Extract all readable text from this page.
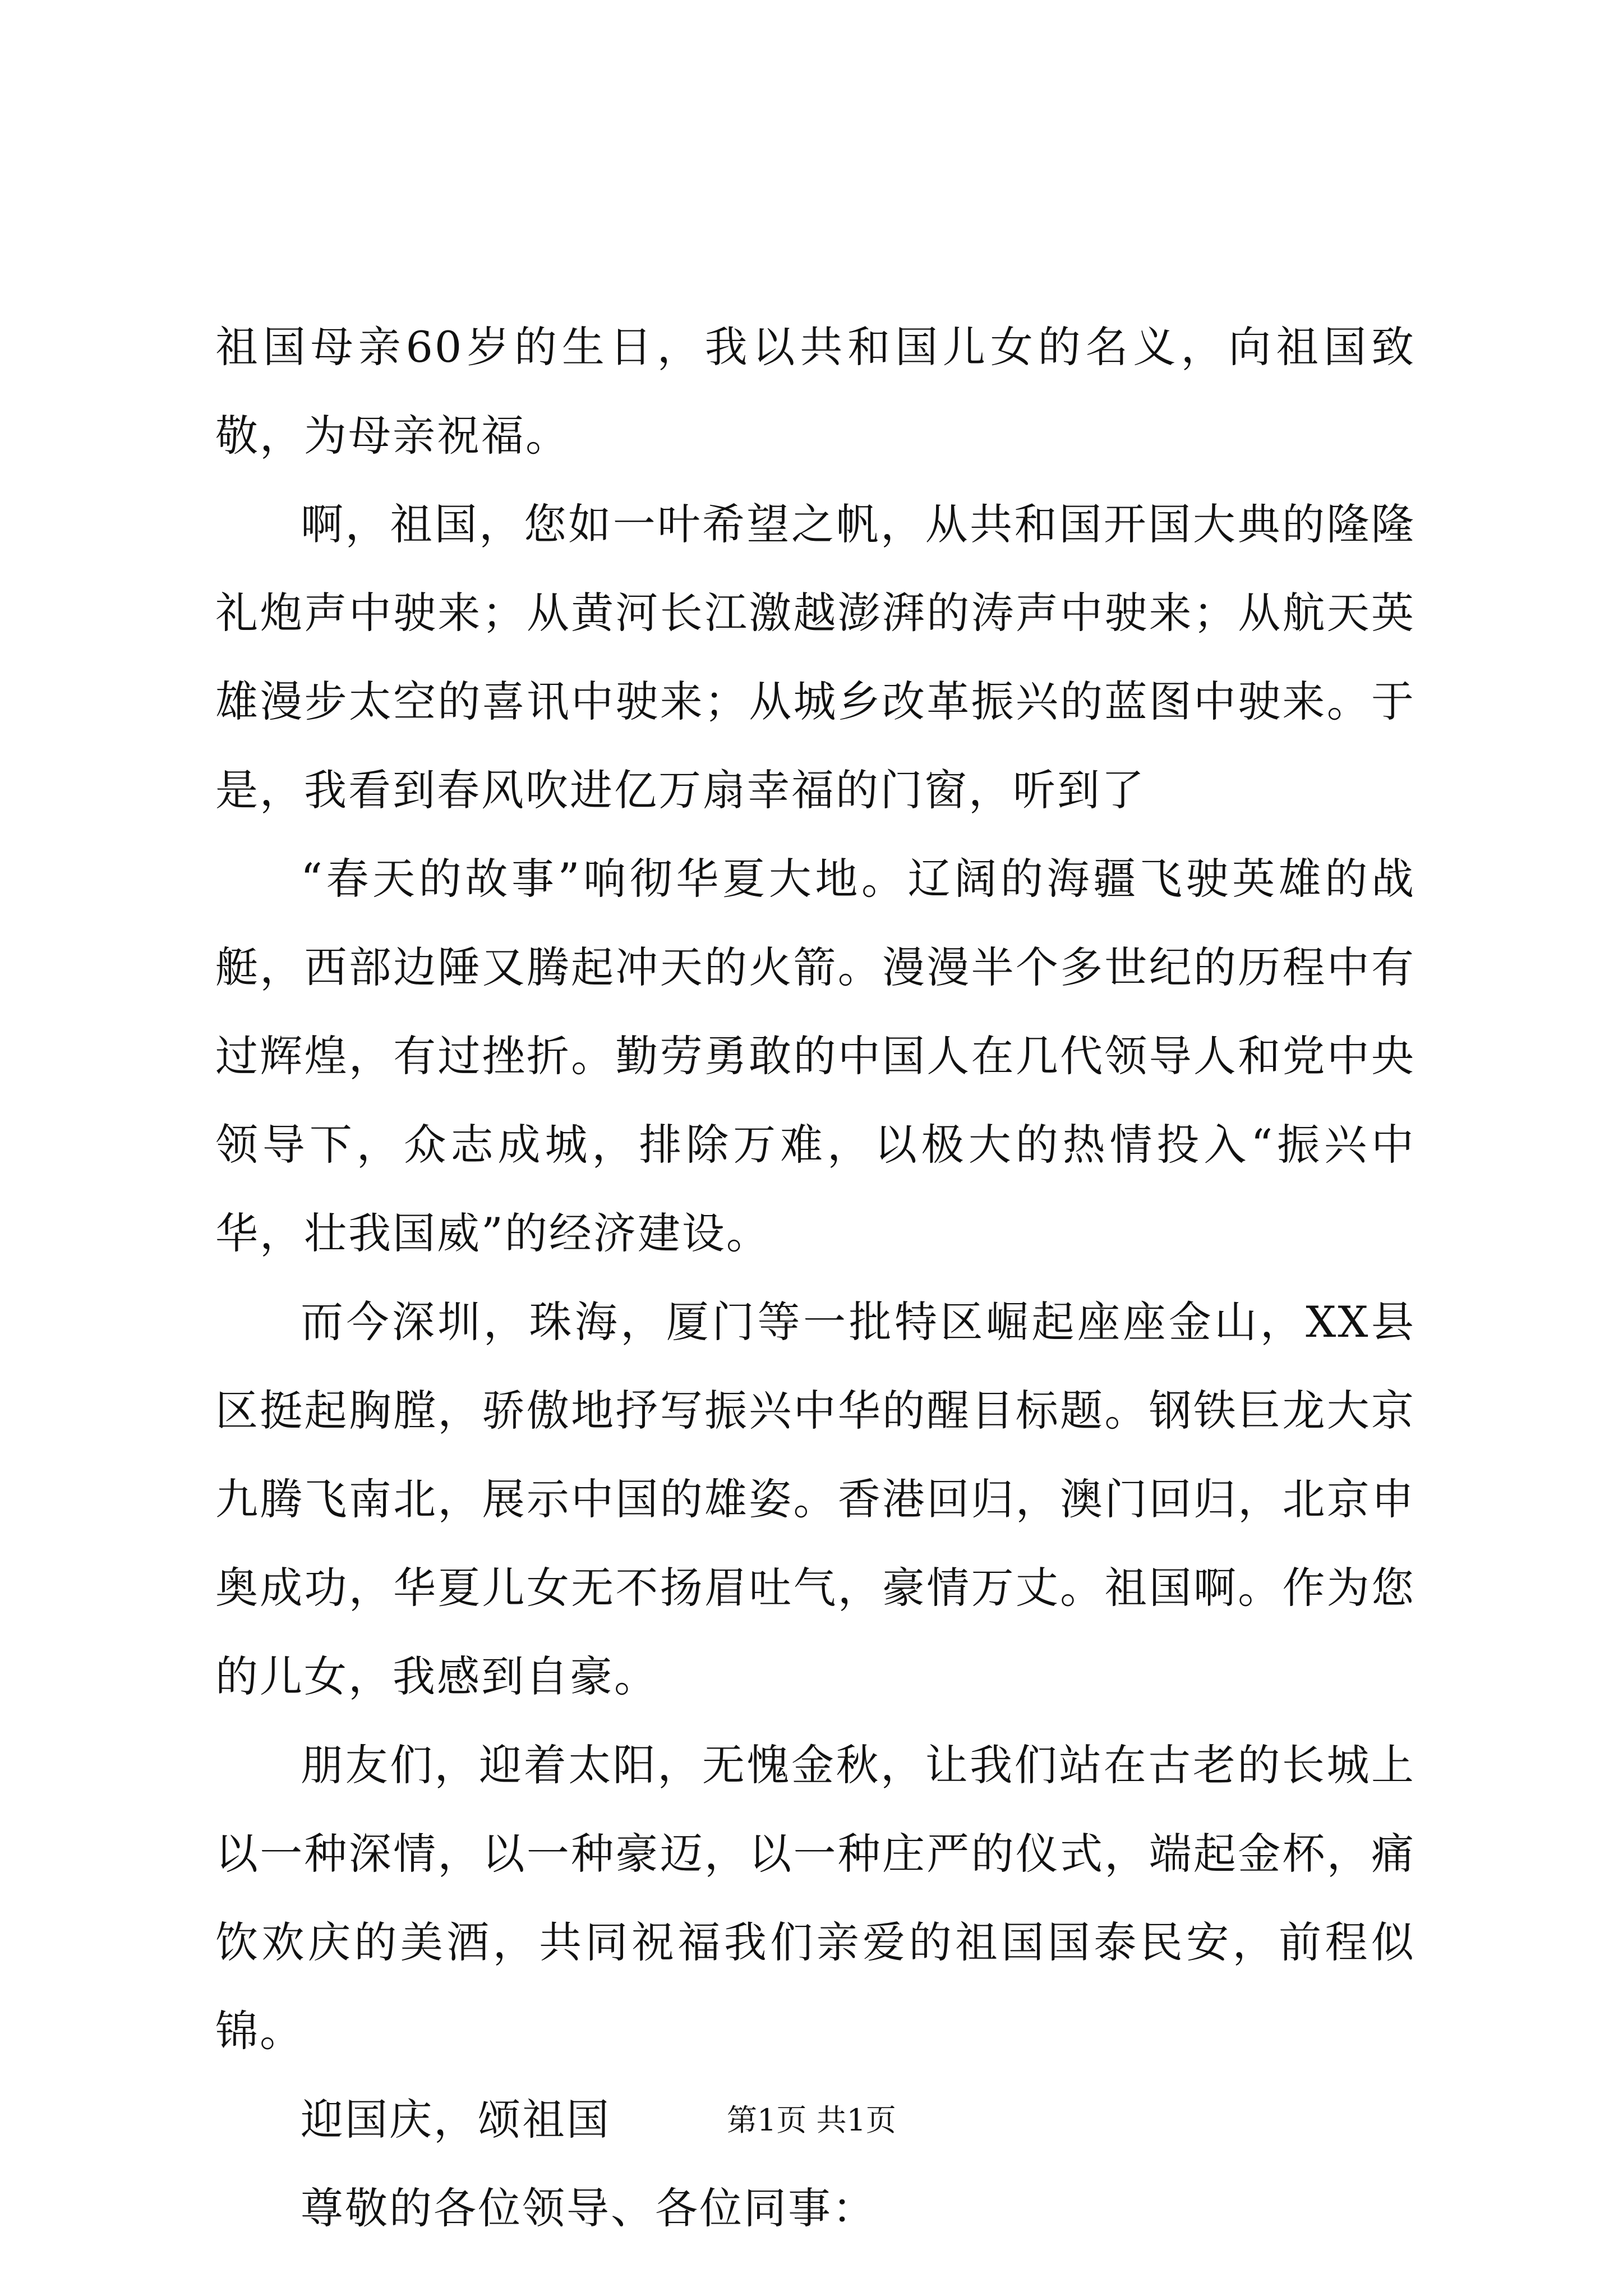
祖国母亲60岁的生日，我以共和国儿女的名义，向祖国致敬，为母亲祝福。

啊，祖国，您如一叶希望之帆，从共和国开国大典的隆隆礼炮声中驶来；从黄河长江激越澎湃的涛声中驶来；从航天英雄漫步太空的喜讯中驶来；从城乡改革振兴的蓝图中驶来。于是，我看到春风吹进亿万扇幸福的门窗，听到了

“春天的故事”响彻华夏大地。辽阔的海疆飞驶英雄的战艇，西部边陲又腾起冲天的火箭。漫漫半个多世纪的历程中有过辉煌，有过挫折。勤劳勇敢的中国人在几代领导人和党中央领导下，众志成城，排除万难，以极大的热情投入“振兴中华，壮我国威”的经济建设。

而今深圳，珠海，厦门等一批特区崛起座座金山，XX县区挺起胸膛，骄傲地抒写振兴中华的醒目标题。钢铁巨龙大京九腾飞南北，展示中国的雄姿。香港回归，澳门回归，北京申奥成功，华夏儿女无不扬眉吐气，豪情万丈。祖国啊。作为您的儿女，我感到自豪。

朋友们，迎着太阳，无愧金秋，让我们站在古老的长城上以一种深情，以一种豪迈，以一种庄严的仪式，端起金杯，痛饮欢庆的美酒，共同祝福我们亲爱的祖国国泰民安，前程似锦。

迎国庆，颂祖国

尊敬的各位领导、各位同事：

第1页 共1页
